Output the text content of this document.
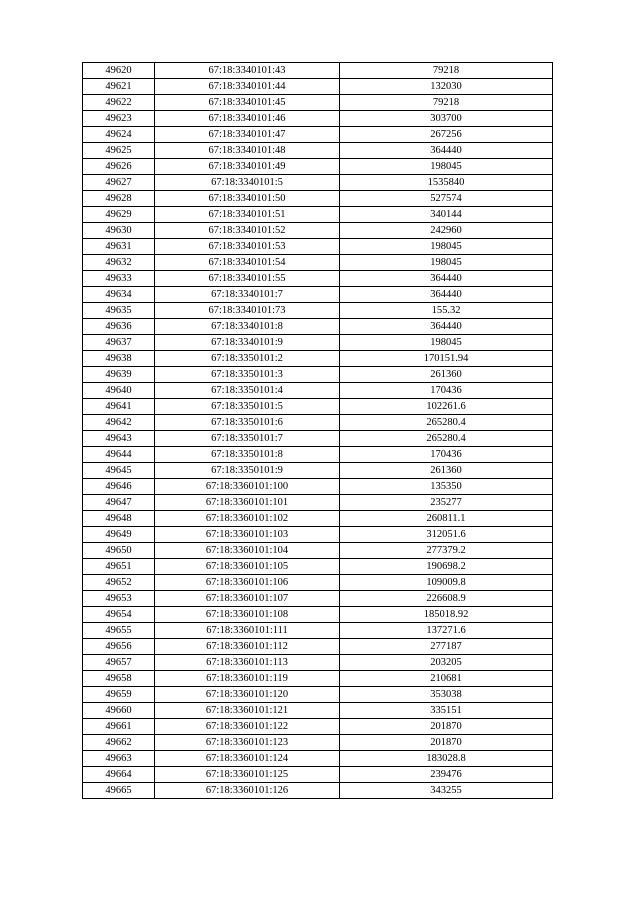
49620	67:18:3340101:43	79218
49621	67:18:3340101:44	132030
49622	67:18:3340101:45	79218
49623	67:18:3340101:46	303700
49624	67:18:3340101:47	267256
49625	67:18:3340101:48	364440
49626	67:18:3340101:49	198045
49627	67:18:3340101:5	1535840
49628	67:18:3340101:50	527574
49629	67:18:3340101:51	340144
49630	67:18:3340101:52	242960
49631	67:18:3340101:53	198045
49632	67:18:3340101:54	198045
49633	67:18:3340101:55	364440
49634	67:18:3340101:7	364440
49635	67:18:3340101:73	155.32
49636	67:18:3340101:8	364440
49637	67:18:3340101:9	198045
49638	67:18:3350101:2	170151.94
49639	67:18:3350101:3	261360
49640	67:18:3350101:4	170436
49641	67:18:3350101:5	102261.6
49642	67:18:3350101:6	265280.4
49643	67:18:3350101:7	265280.4
49644	67:18:3350101:8	170436
49645	67:18:3350101:9	261360
49646	67:18:3360101:100	135350
49647	67:18:3360101:101	235277
49648	67:18:3360101:102	260811.1
49649	67:18:3360101:103	312051.6
49650	67:18:3360101:104	277379.2
49651	67:18:3360101:105	190698.2
49652	67:18:3360101:106	109009.8
49653	67:18:3360101:107	226608.9
49654	67:18:3360101:108	185018.92
49655	67:18:3360101:111	137271.6
49656	67:18:3360101:112	277187
49657	67:18:3360101:113	203205
49658	67:18:3360101:119	210681
49659	67:18:3360101:120	353038
49660	67:18:3360101:121	335151
49661	67:18:3360101:122	201870
49662	67:18:3360101:123	201870
49663	67:18:3360101:124	183028.8
49664	67:18:3360101:125	239476
49665	67:18:3360101:126	343255
